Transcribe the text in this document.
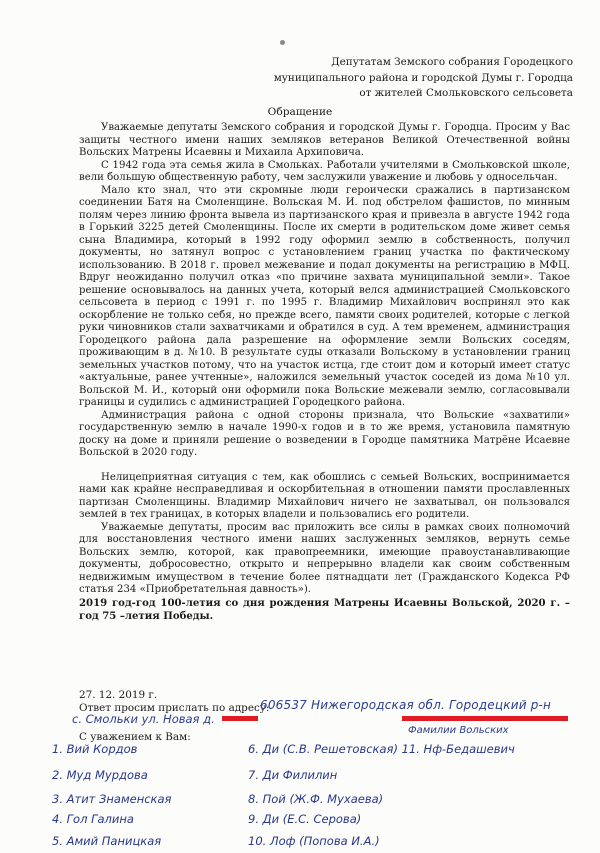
Депутатам Земского собрания Городецкого
муниципального района и городской Думы г. Городца
от жителей Смольковского сельсовета
Обращение

Уважаемые депутаты Земского собрания и городской Думы г. Городца. Просим у Вас защиты честного имени наших земляков ветеранов Великой Отечественной войны Вольских Матрены Исаевны и Михаила Архиповича.

С 1942 года эта семья жила в Смольках. Работали учителями в Смольковской школе, вели большую общественную работу, чем заслужили уважение и любовь у односельчан.

Мало кто знал, что эти скромные люди героически сражались в партизанском соединении Батя на Смоленщине. Вольская М. И. под обстрелом фашистов, по минным полям через линию фронта вывела из партизанского края и привезла в августе 1942 года в Горький 3225 детей Смоленщины. После их смерти в родительском доме живет семья сына Владимира, который в 1992 году оформил землю в собственность, получил документы, но затянул вопрос с установлением границ участка по фактическому использованию. В 2018 г. провел межевание и подал документы на регистрацию в МФЦ. Вдруг неожиданно получил отказ «по причине захвата муниципальной земли». Такое решение основывалось на данных учета, который велся администрацией Смольковского сельсовета в период с 1991 г. по 1995 г. Владимир Михайлович воспринял это как оскорбление не только себя, но прежде всего, памяти своих родителей, которые с легкой руки чиновников стали захватчиками и обратился в суд. А тем временем, администрация Городецкого района дала разрешение на оформление земли Вольских соседям, проживающим в д. №10. В результате суды отказали Вольскому в установлении границ земельных участков потому, что на участок истца, где стоит дом и который имеет статус «актуальные, ранее учтенные», наложился земельный участок соседей из дома №10 ул. Вольской М. И., который они оформили пока Вольские межевали землю, согласовывали границы и судились с администрацией Городецкого района.

Администрация района с одной стороны признала, что Вольские «захватили» государственную землю в начале 1990-х годов и в то же время, установила памятную доску на доме и приняли решение о возведении в Городце памятника Матрёне Исаевне Вольской в 2020 году.

Нелицеприятная ситуация с тем, как обошлись с семьей Вольских, воспринимается нами как крайне несправедливая и оскорбительная в отношении памяти прославленных партизан Смоленщины. Владимир Михайлович ничего не захватывал, он пользовался землей в тех границах, в которых владели и пользовались его родители.

Уважаемые депутаты, просим вас приложить все силы в рамках своих полномочий для восстановления честного имени наших заслуженных земляков, вернуть семье Вольских землю, которой, как правопреемники, имеющие правоустанавливающие документы, добросовестно, открыто и непрерывно владели как своим собственным недвижимым имуществом в течение более пятнадцати лет (Гражданского Кодекса РФ статья 234 «Приобретательная давность»).

2019 год-год 100-летия со дня рождения Матрены Исаевны Вольской, 2020 г. – год 75 –летия Победы.

27. 12. 2019 г.
Ответ просим прислать по адресу:
606537 Нижегородская обл. Городецкий р-н
с. Смольки ул. Новая д.
Фамилии Вольских
С уважением к Вам:
1. Вий Кордов
2. Муд Мурдова
3. Атит Знаменская
4. Гол Галина
5. Амий Паницкая
6. Ди (С.В. Решетовская) 11. Нф-Бедашевич
7. Ди Филилин
8. Пой (Ж.Ф. Мухаева)
9. Ди (Е.С. Серова)
10. Лоф (Попова И.А.)
